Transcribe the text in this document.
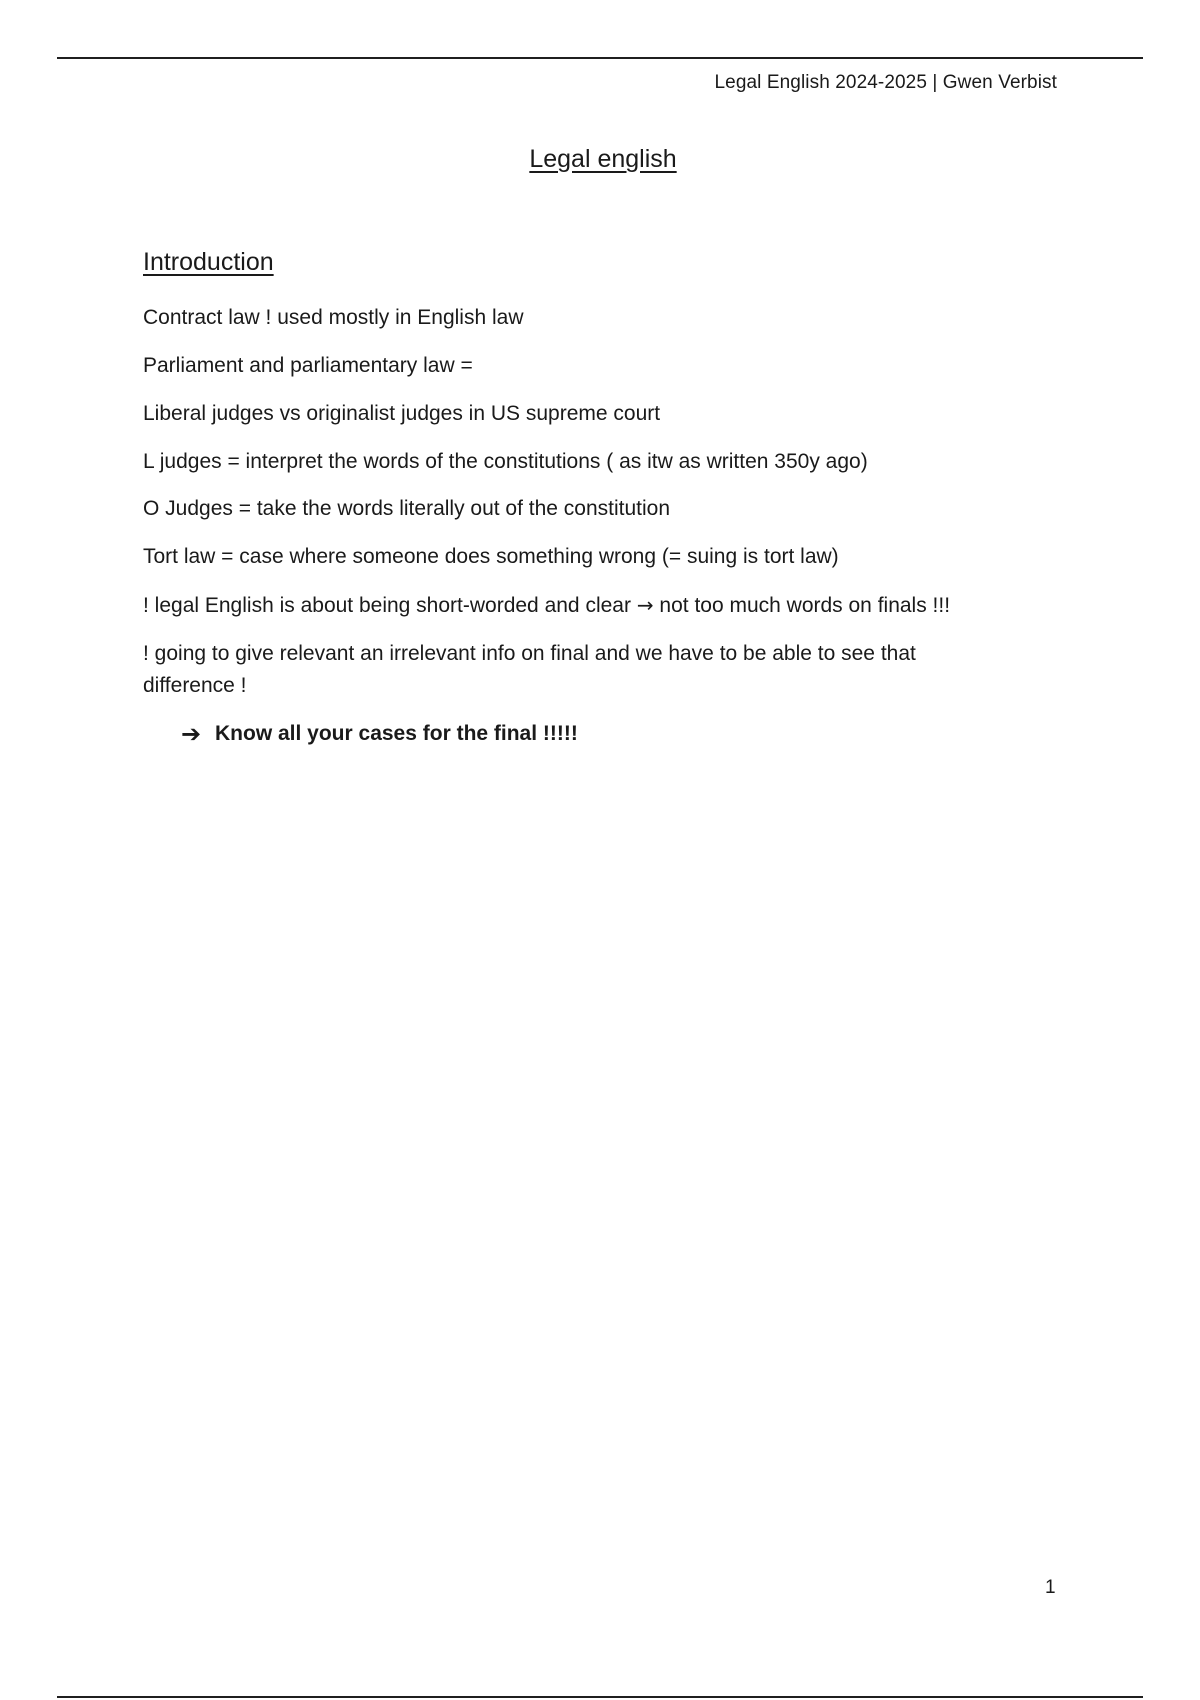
Legal English 2024-2025 | Gwen Verbist
Legal english
Introduction

Contract law ! used mostly in English law

Parliament and parliamentary law =

Liberal judges vs originalist judges in US supreme court

L judges = interpret the words of the constitutions ( as itw as written 350y ago)

O Judges = take the words literally out of the constitution

Tort law = case where someone does something wrong (= suing is tort law)

! legal English is about being short-worded and clear → not too much words on finals !!!

! going to give relevant an irrelevant info on final and we have to be able to see that

difference !

➔ Know all your cases for the final !!!!!
1
